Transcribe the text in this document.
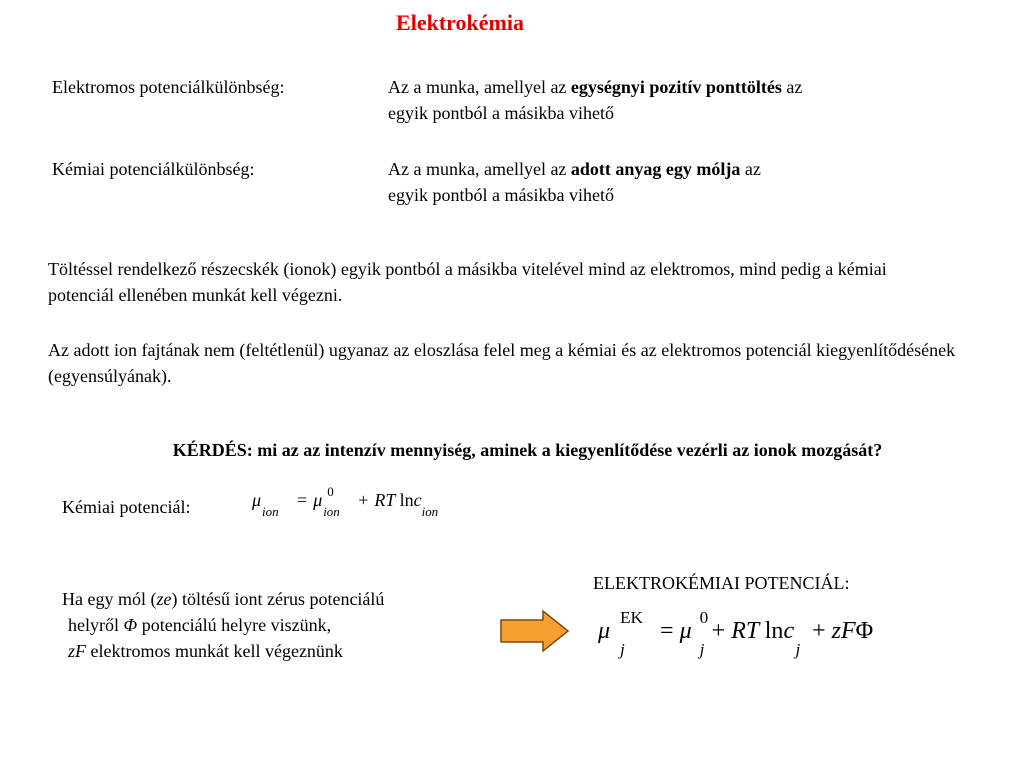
Elektrokémia
Elektromos potenciálkülönbség:	Az a munka, amellyel az egységnyi pozitív ponttöltés az
egyik pontból a másikba vihető
Kémiai potenciálkülönbség:	Az a munka, amellyel az adott anyag egy mólja az
egyik pontból a másikba vihető
Töltéssel rendelkező részecskék (ionok) egyik pontból a másikba vitelével mind az elektromos, mind pedig a kémiai potenciál ellenében munkát kell végezni.
Az adott ion fajtának nem (feltétlenül) ugyanaz az eloszlása felel meg a kémiai és az elektromos potenciál kiegyenlítődésének (egyensúlyának).
KÉRDÉS: mi az az intenzív mennyiség, aminek a kiegyenlítődése vezérli az ionok mozgását?
Kémiai potenciál:	μ
ion
= μ 0
ion
+ RT lnc
ion
Ha egy mól (ze) töltésű iont zérus potenciálú
helyről Φ potenciálú helyre viszünk,
zF elektromos munkát kell végeznünk
ELEKTROKÉMIAI POTENCIÁL:
μ
EK
j
= μ
0
j
+ RT lnc
j
+ zFΦ
